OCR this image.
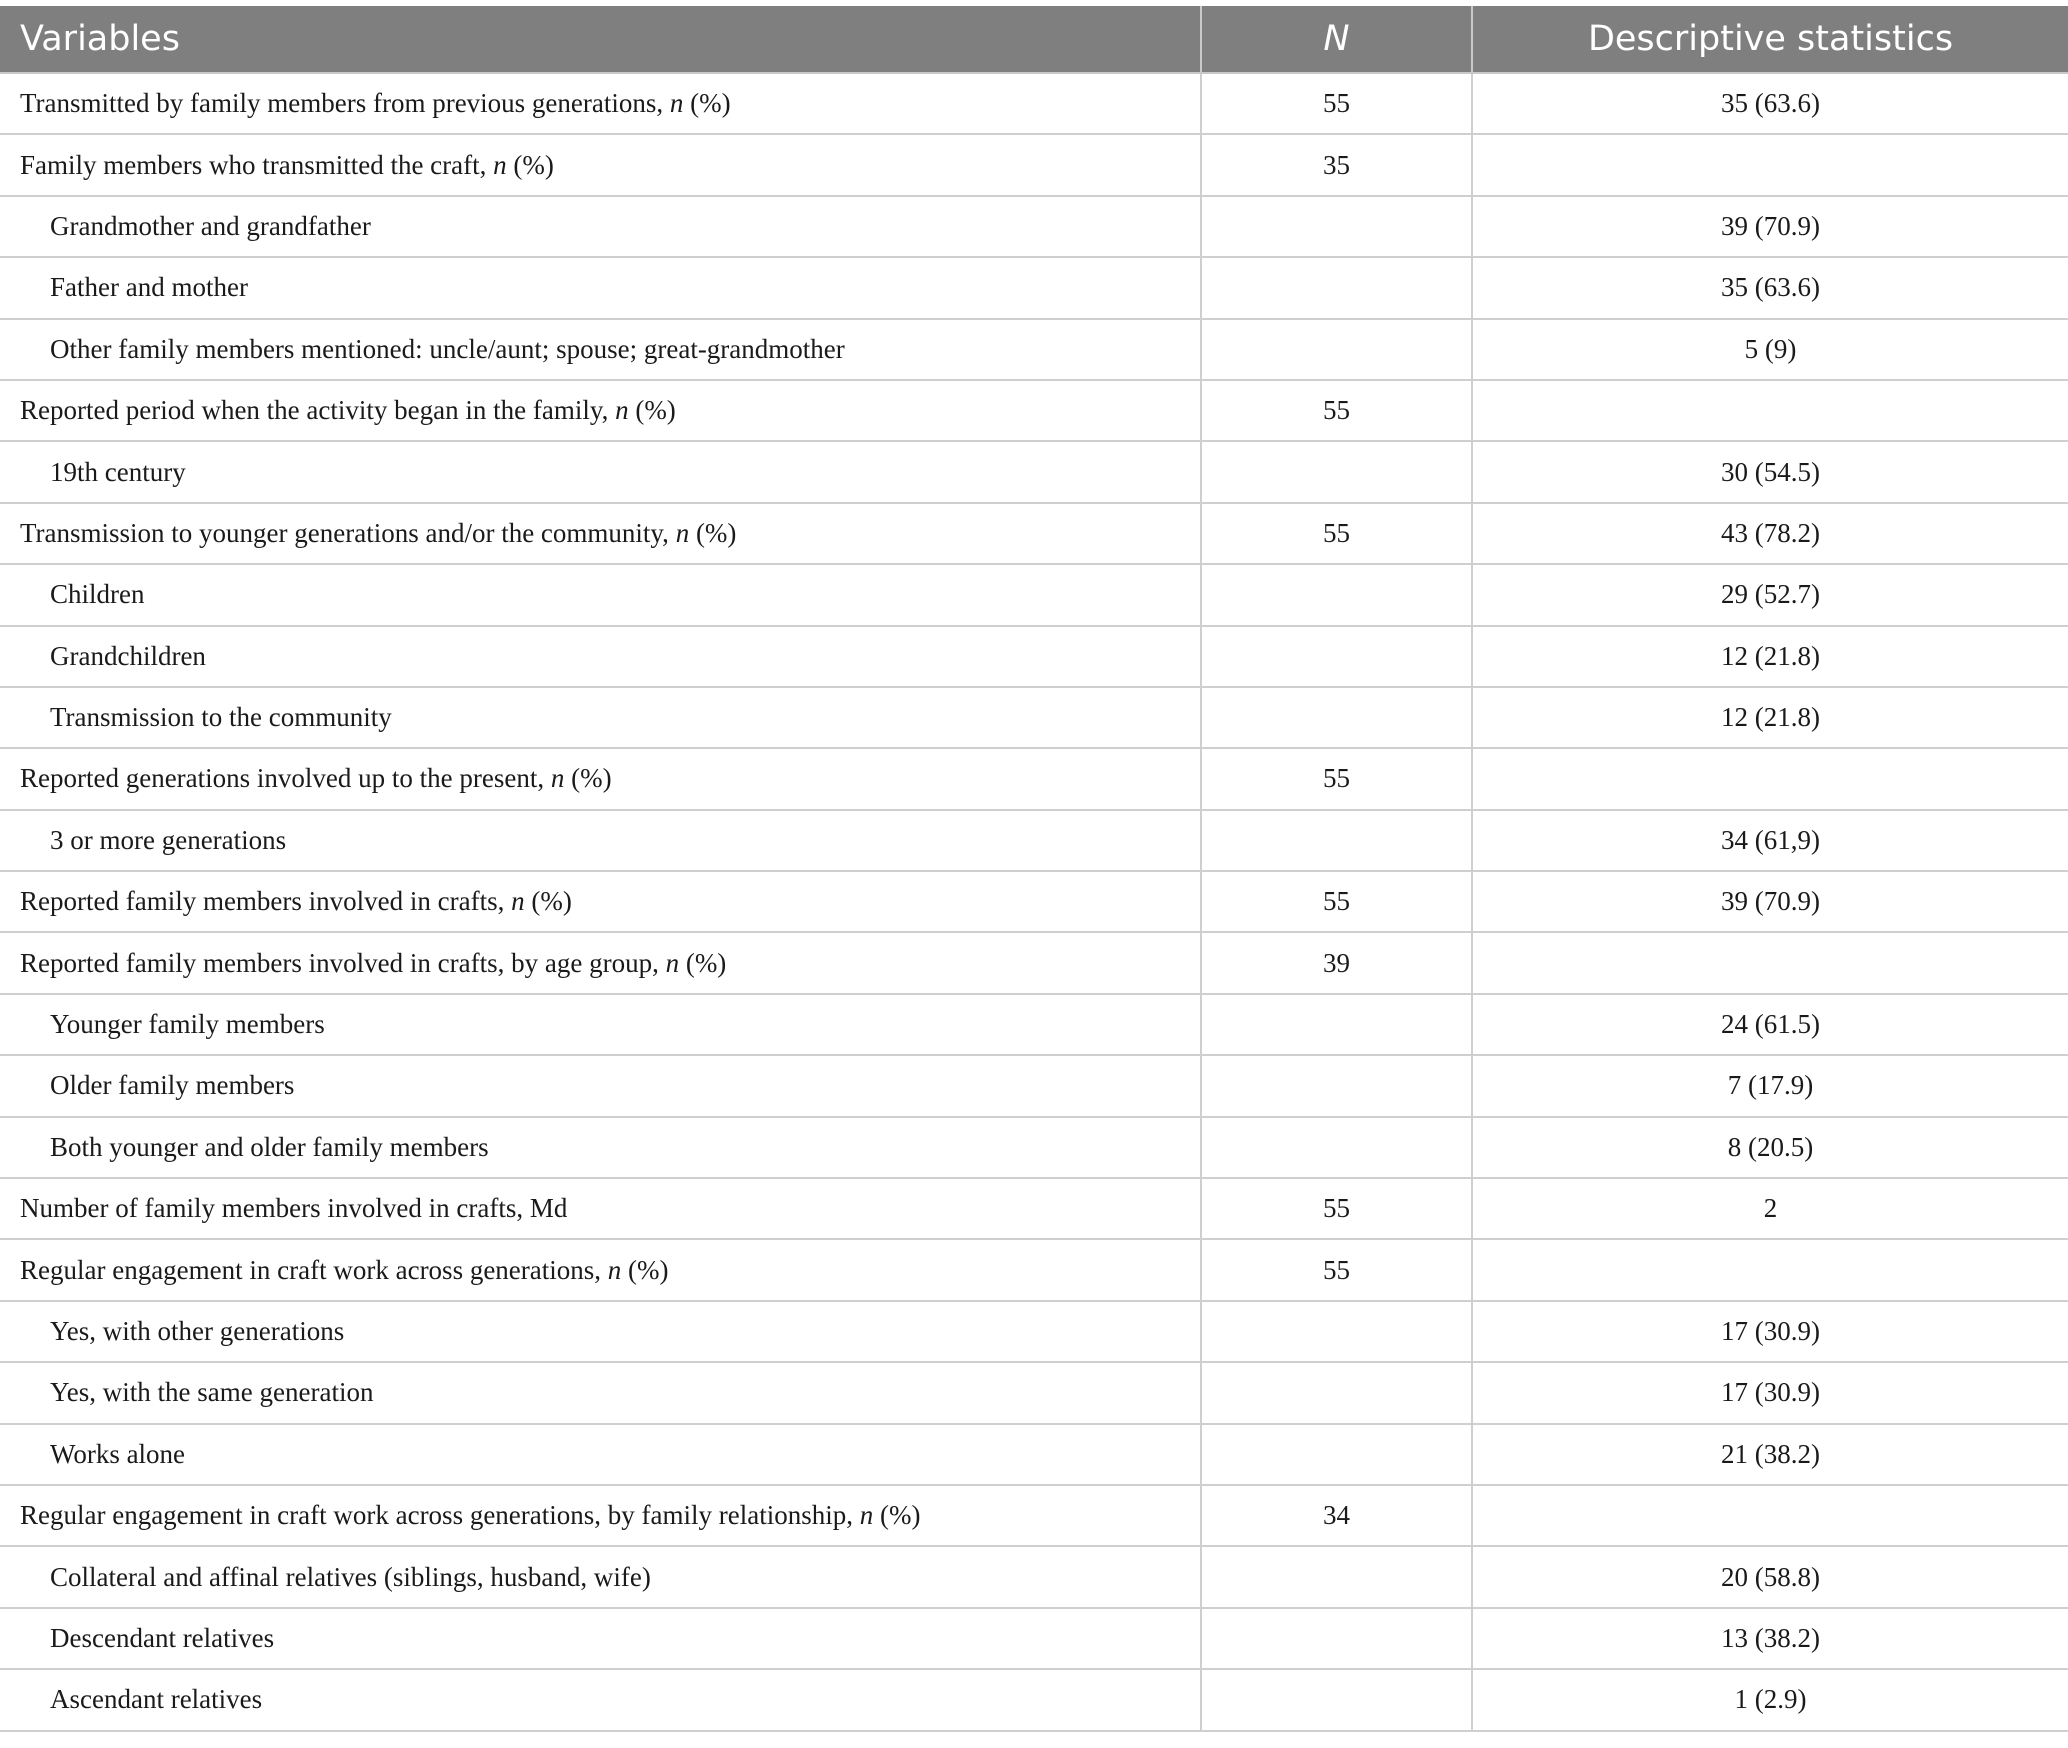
Variables	N	Descriptive statistics
Transmitted by family members from previous generations, n (%)	55	35 (63.6)
Family members who transmitted the craft, n (%)	35	
Grandmother and grandfather		39 (70.9)
Father and mother		35 (63.6)
Other family members mentioned: uncle/aunt; spouse; great-grandmother		5 (9)
Reported period when the activity began in the family, n (%)	55	
19th century		30 (54.5)
Transmission to younger generations and/or the community, n (%)	55	43 (78.2)
Children		29 (52.7)
Grandchildren		12 (21.8)
Transmission to the community		12 (21.8)
Reported generations involved up to the present, n (%)	55	
3 or more generations		34 (61,9)
Reported family members involved in crafts, n (%)	55	39 (70.9)
Reported family members involved in crafts, by age group, n (%)	39	
Younger family members		24 (61.5)
Older family members		7 (17.9)
Both younger and older family members		8 (20.5)
Number of family members involved in crafts, Md	55	2
Regular engagement in craft work across generations, n (%)	55	
Yes, with other generations		17 (30.9)
Yes, with the same generation		17 (30.9)
Works alone		21 (38.2)
Regular engagement in craft work across generations, by family relationship, n (%)	34	
Collateral and affinal relatives (siblings, husband, wife)		20 (58.8)
Descendant relatives		13 (38.2)
Ascendant relatives		1 (2.9)
